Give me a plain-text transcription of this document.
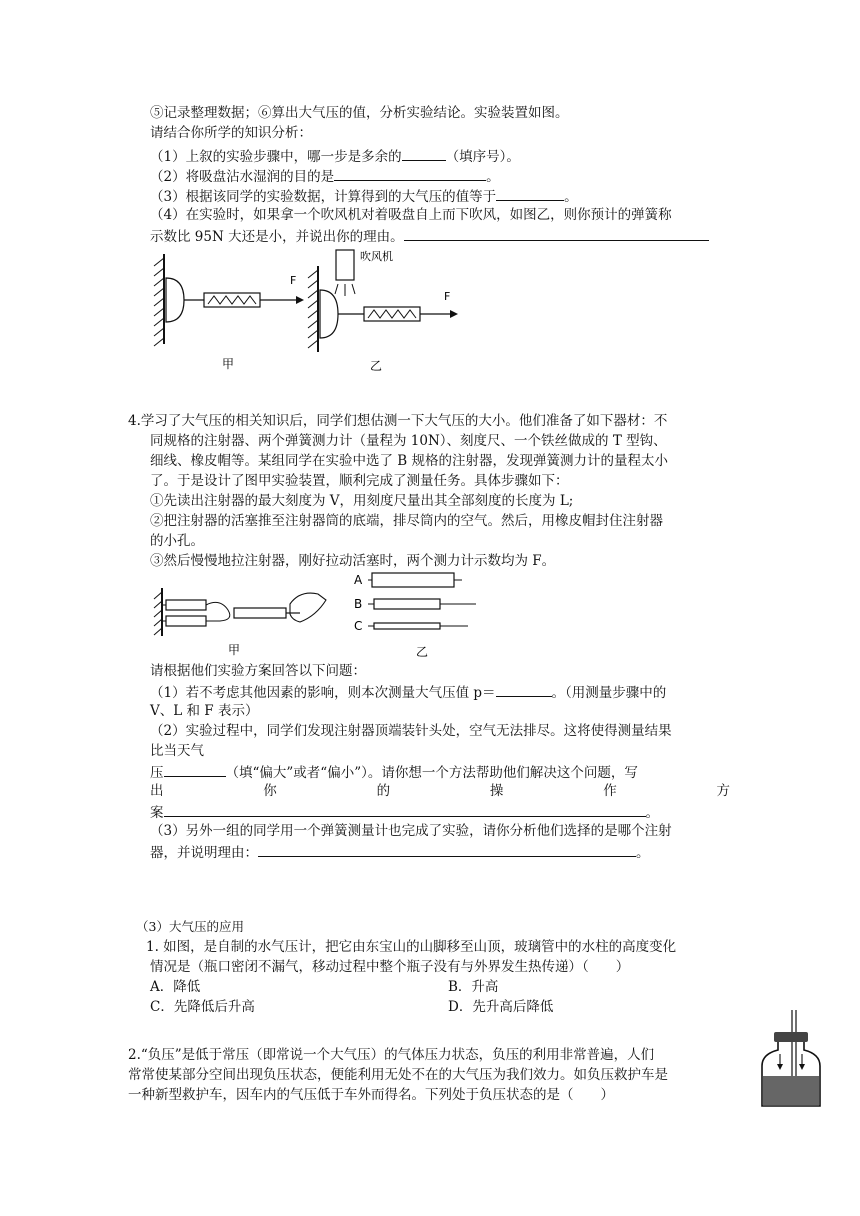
⑤记录整理数据；⑥算出大气压的值，分析实验结论。实验装置如图。
请结合你所学的知识分析：
（1）上叙的实验步骤中，哪一步是多余的	（填序号）。
（2）将吸盘沾水湿润的目的是	。
（3）根据该同学的实验数据，计算得到的大气压的值等于	。
（4）在实验时，如果拿一个吹风机对着吸盘自上而下吹风，如图乙，则你预计的弹簧称
示数比 95N 大还是小，并说出你的理由。
F
甲
吹风机
F
乙
4.学习了大气压的相关知识后，同学们想估测一下大气压的大小。他们准备了如下器材：不
同规格的注射器、两个弹簧测力计（量程为 10N）、刻度尺、一个铁丝做成的 T 型钩、
细线、橡皮帽等。某组同学在实验中选了 B 规格的注射器，发现弹簧测力计的量程太小
了。于是设计了图甲实验装置，顺利完成了测量任务。具体步骤如下：
①先读出注射器的最大刻度为 V，用刻度尺量出其全部刻度的长度为 L;
②把注射器的活塞推至注射器筒的底端，排尽筒内的空气。然后，用橡皮帽封住注射器
的小孔。
③然后慢慢地拉注射器，刚好拉动活塞时，两个测力计示数均为 F。
甲
A
B
C
乙
请根据他们实验方案回答以下问题：
（1）若不考虑其他因素的影响，则本次测量大气压值 p＝	。（用测量步骤中的
V、L 和 F 表示）
（2）实验过程中，同学们发现注射器顶端装针头处，空气无法排尽。这将使得测量结果
比当天气
压	（填“偏大”或者“偏小”）。请你想一个方法帮助他们解决这个问题，写
出	你	的	操	作	方
案	。
（3）另外一组的同学用一个弹簧测量计也完成了实验，请你分析他们选择的是哪个注射
器，并说明理由：	。
（3）大气压的应用
1. 如图，是自制的水气压计，把它由东宝山的山脚移至山顶，玻璃管中的水柱的高度变化
情况是（瓶口密闭不漏气，移动过程中整个瓶子没有与外界发生热传递）（　　）
A．降低	B．升高
C．先降低后升高	D．先升高后降低
2.“负压”是低于常压（即常说一个大气压）的气体压力状态，负压的利用非常普遍，人们
常常使某部分空间出现负压状态，便能利用无处不在的大气压为我们效力。如负压救护车是
一种新型救护车，因车内的气压低于车外而得名。下列处于负压状态的是（　　）
